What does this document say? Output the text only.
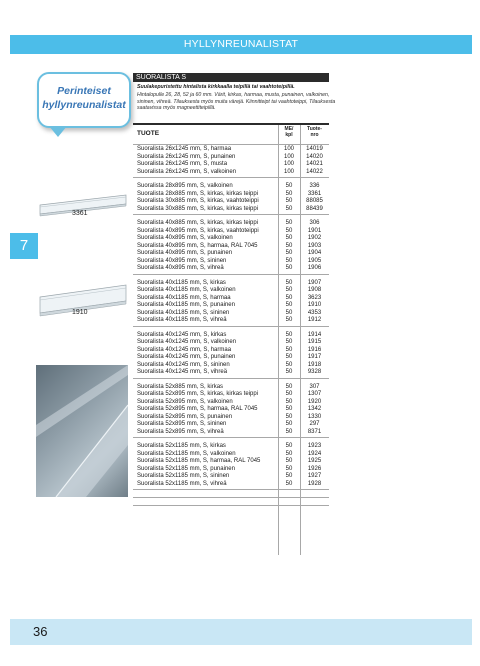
HYLLYNREUNALISTAT
Perinteiset
hyllynreunalistat
7
3361
1910
SUORALISTA S
Suulakepuristettu hintalista kirkkaalla teipillä tai vaahtoteipillä.
Hintalopulle 26, 28, 52 ja 60 mm. Värit, kirkas, harmaa, musta, punainen, valkoinen, sininen, vihreä. Tilauksesta myös muita värejä. Kiinnitteipt tai vaahtoteippi, Tilauksesta saatavissa myös magneettiteipillä.
TUOTE
ME/
kpl
Tuote-
nro
Suoralista 26x1245 mm, S, harmaa	100	14019
Suoralista 26x1245 mm, S, punainen	100	14020
Suoralista 26x1245 mm, S, musta	100	14021
Suoralista 26x1245 mm, S, valkoinen	100	14022
Suoralista 28x895 mm, S, valkoinen	50	336
Suoralista 28x885 mm, S, kirkas, kirkas teippi	50	3361
Suoralista 30x885 mm, S, kirkas, vaahtoteippi	50	88085
Suoralista 30x885 mm, S, kirkas, kirkas teippi	50	88439
Suoralista 40x885 mm, S, kirkas, kirkas teippi	50	306
Suoralista 40x895 mm, S, kirkas, vaahtoteippi	50	1901
Suoralista 40x895 mm, S, valkoinen	50	1902
Suoralista 40x895 mm, S, harmaa, RAL 7045	50	1903
Suoralista 40x895 mm, S, punainen	50	1904
Suoralista 40x895 mm, S, sininen	50	1905
Suoralista 40x895 mm, S, vihreä	50	1906
Suoralista 40x1185 mm, S, kirkas	50	1907
Suoralista 40x1185 mm, S, valkoinen	50	1908
Suoralista 40x1185 mm, S, harmaa	50	3623
Suoralista 40x1185 mm, S, punainen	50	1910
Suoralista 40x1185 mm, S, sininen	50	4353
Suoralista 40x1185 mm, S, vihreä	50	1912
Suoralista 40x1245 mm, S, kirkas	50	1914
Suoralista 40x1245 mm, S, valkoinen	50	1915
Suoralista 40x1245 mm, S, harmaa	50	1916
Suoralista 40x1245 mm, S, punainen	50	1917
Suoralista 40x1245 mm, S, sininen	50	1918
Suoralista 40x1245 mm, S, vihreä	50	9328
Suoralista 52x885 mm, S, kirkas	50	307
Suoralista 52x895 mm, S, kirkas, kirkas teippi	50	1307
Suoralista 52x895 mm, S, valkoinen	50	1920
Suoralista 52x895 mm, S, harmaa, RAL 7045	50	1342
Suoralista 52x895 mm, S, punainen	50	1330
Suoralista 52x895 mm, S, sininen	50	297
Suoralista 52x895 mm, S, vihreä	50	8371
Suoralista 52x1185 mm, S, kirkas	50	1923
Suoralista 52x1185 mm, S, valkoinen	50	1924
Suoralista 52x1185 mm, S, harmaa, RAL 7045	50	1925
Suoralista 52x1185 mm, S, punainen	50	1926
Suoralista 52x1185 mm, S, sininen	50	1927
Suoralista 52x1185 mm, S, vihreä	50	1928
36
